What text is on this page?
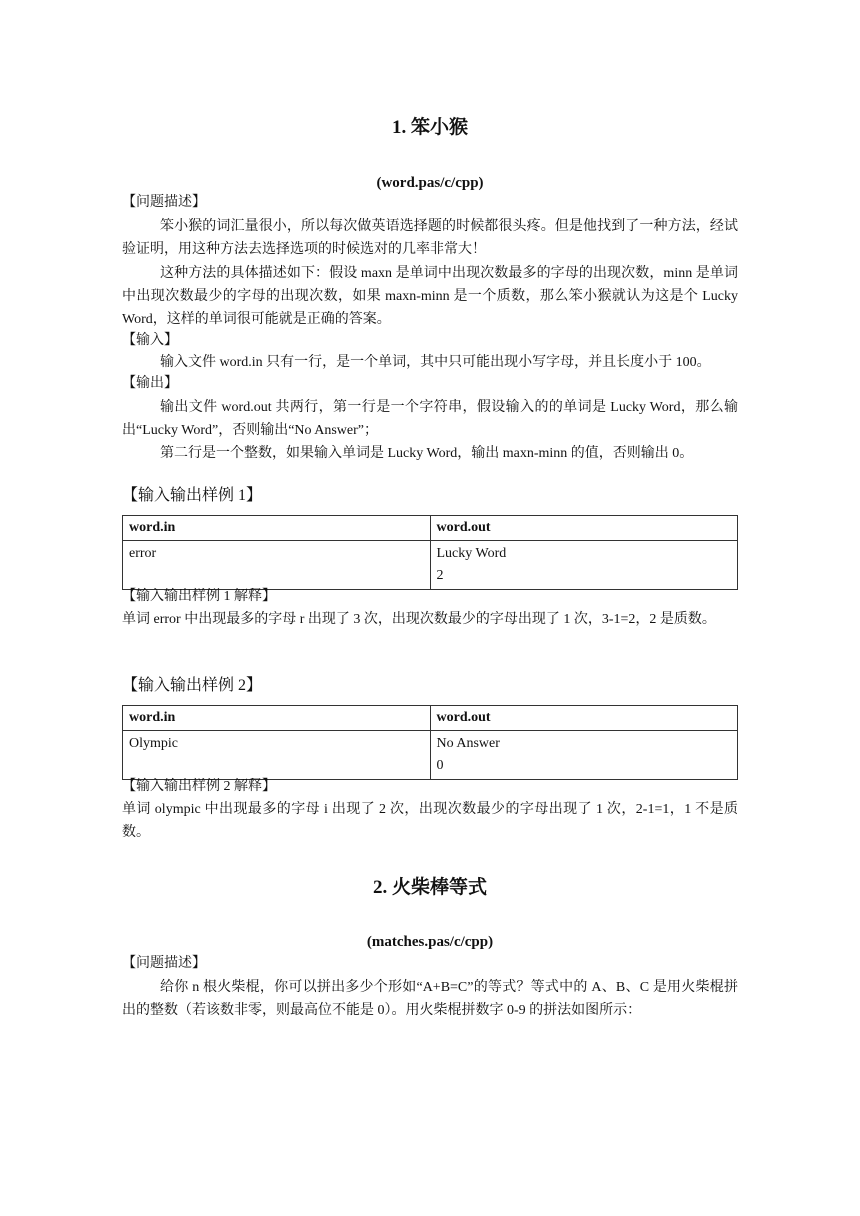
1. 笨小猴
(word.pas/c/cpp)
【问题描述】
笨小猴的词汇量很小，所以每次做英语选择题的时候都很头疼。但是他找到了一种方法，经试验证明，用这种方法去选择选项的时候选对的几率非常大！
这种方法的具体描述如下：假设 maxn 是单词中出现次数最多的字母的出现次数，minn 是单词中出现次数最少的字母的出现次数，如果 maxn-minn 是一个质数，那么笨小猴就认为这是个 Lucky Word，这样的单词很可能就是正确的答案。
【输入】
输入文件 word.in 只有一行，是一个单词，其中只可能出现小写字母，并且长度小于 100。
【输出】
输出文件 word.out 共两行，第一行是一个字符串，假设输入的的单词是 Lucky Word，那么输出“Lucky Word”，否则输出“No Answer”；
第二行是一个整数，如果输入单词是 Lucky Word，输出 maxn-minn 的值，否则输出 0。
【输入输出样例 1】
word.in	word.out
error	Lucky Word
2
【输入输出样例 1 解释】
单词 error 中出现最多的字母 r 出现了 3 次，出现次数最少的字母出现了 1 次，3-1=2，2 是质数。
【输入输出样例 2】
word.in	word.out
Olympic	No Answer
0
【输入输出样例 2 解释】
单词 olympic 中出现最多的字母 i 出现了 2 次，出现次数最少的字母出现了 1 次，2-1=1，1 不是质数。
2. 火柴棒等式
(matches.pas/c/cpp)
【问题描述】
给你 n 根火柴棍，你可以拼出多少个形如“A+B=C”的等式？等式中的 A、B、C 是用火柴棍拼出的整数（若该数非零，则最高位不能是 0）。用火柴棍拼数字 0-9 的拼法如图所示：
